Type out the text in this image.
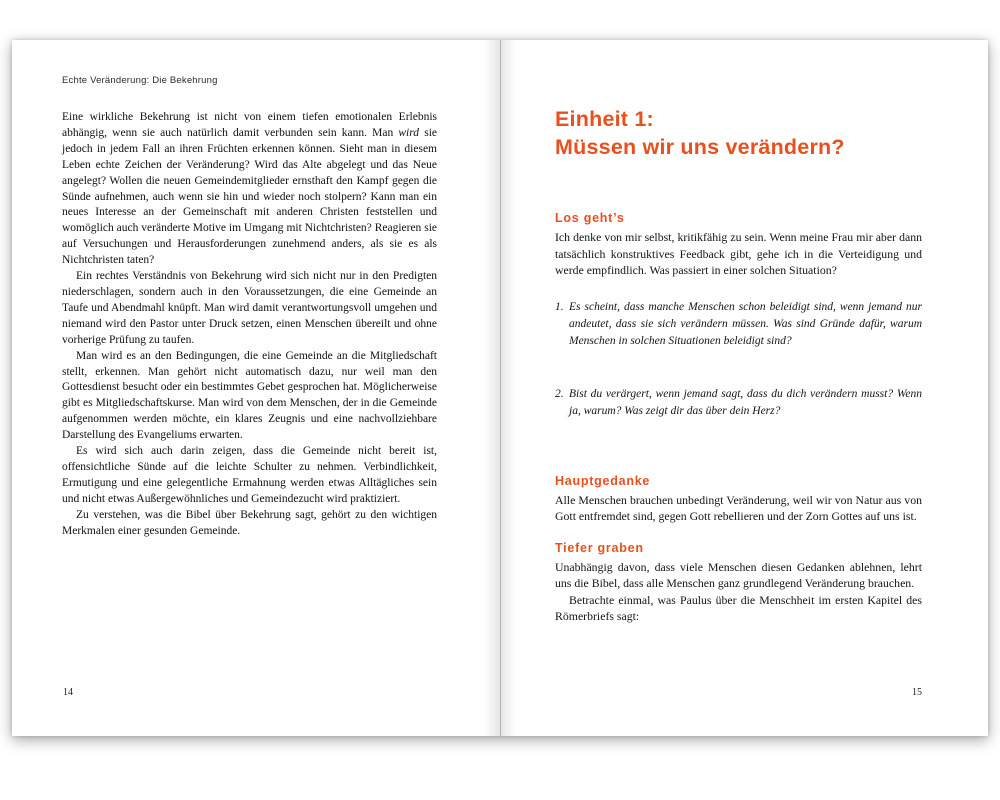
Echte Veränderung: Die Bekehrung

Eine wirkliche Bekehrung ist nicht von einem tiefen emotionalen Erlebnis abhängig, wenn sie auch natürlich damit verbunden sein kann. Man wird sie jedoch in jedem Fall an ihren Früchten erkennen können. Sieht man in diesem Leben echte Zeichen der Veränderung? Wird das Alte abgelegt und das Neue angelegt? Wollen die neuen Gemeindemitglieder ernsthaft den Kampf gegen die Sünde aufnehmen, auch wenn sie hin und wieder noch stolpern? Kann man ein neues Interesse an der Gemeinschaft mit anderen Christen feststellen und womöglich auch veränderte Motive im Umgang mit Nichtchristen? Reagieren sie auf Versuchungen und Herausforderungen zunehmend anders, als sie es als Nichtchristen taten?

Ein rechtes Verständnis von Bekehrung wird sich nicht nur in den Predigten niederschlagen, sondern auch in den Voraussetzungen, die eine Gemeinde an Taufe und Abendmahl knüpft. Man wird damit verantwortungsvoll umgehen und niemand wird den Pastor unter Druck setzen, einen Menschen übereilt und ohne vorherige Prüfung zu taufen.

Man wird es an den Bedingungen, die eine Gemeinde an die Mitgliedschaft stellt, erkennen. Man gehört nicht automatisch dazu, nur weil man den Gottesdienst besucht oder ein bestimmtes Gebet gesprochen hat. Möglicherweise gibt es Mitgliedschaftskurse. Man wird von dem Menschen, der in die Gemeinde aufgenommen werden möchte, ein klares Zeugnis und eine nachvollziehbare Darstellung des Evangeliums erwarten.

Es wird sich auch darin zeigen, dass die Gemeinde nicht bereit ist, offensichtliche Sünde auf die leichte Schulter zu nehmen. Verbindlichkeit, Ermutigung und eine gelegentliche Ermahnung werden etwas Alltägliches sein und nicht etwas Außergewöhnliches und Gemeindezucht wird praktiziert.

Zu verstehen, was die Bibel über Bekehrung sagt, gehört zu den wichtigen Merkmalen einer gesunden Gemeinde.

14
Einheit 1:
Müssen wir uns verändern?
Los geht’s

Ich denke von mir selbst, kritikfähig zu sein. Wenn meine Frau mir aber dann tatsächlich konstruktives Feedback gibt, gehe ich in die Verteidigung und werde empfindlich. Was passiert in einer solchen Situation?

1. Es scheint, dass manche Menschen schon beleidigt sind, wenn jemand nur andeutet, dass sie sich verändern müssen. Was sind Gründe dafür, warum Menschen in solchen Situationen beleidigt sind?
2. Bist du verärgert, wenn jemand sagt, dass du dich verändern musst? Wenn ja, warum? Was zeigt dir das über dein Herz?
Hauptgedanke

Alle Menschen brauchen unbedingt Veränderung, weil wir von Natur aus von Gott entfremdet sind, gegen Gott rebellieren und der Zorn Gottes auf uns ist.

Tiefer graben

Unabhängig davon, dass viele Menschen diesen Gedanken ablehnen, lehrt uns die Bibel, dass alle Menschen ganz grundlegend Veränderung brauchen.

Betrachte einmal, was Paulus über die Menschheit im ersten Kapitel des Römerbriefs sagt:

15
